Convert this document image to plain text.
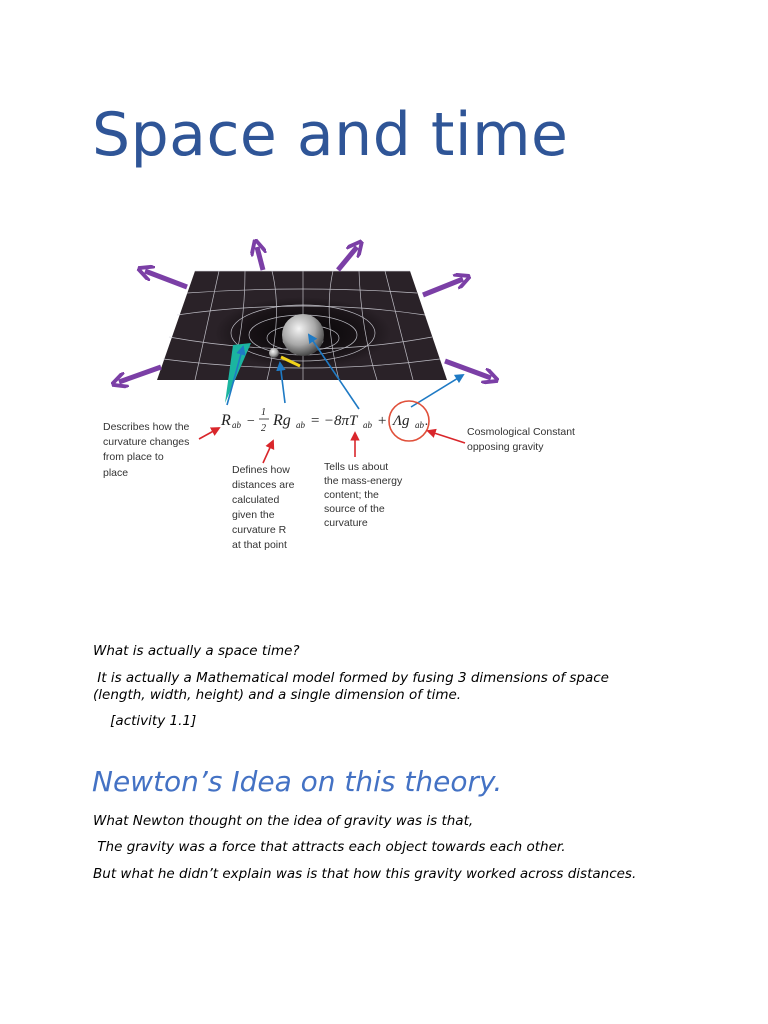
Space and time
R ab −
1
2 Rg ab = −8πT ab + Λg ab .
Describes how the
curvature changes
from place to
place	Defines how
distances are
calculated
given the
curvature R
at that point
Tells us about
the mass-energy
content; the
source of the
curvature
Cosmological Constant
opposing gravity

What is actually a space time?

It is actually a Mathematical model formed by fusing 3 dimensions of space

(length, width, height) and a single dimension of time.

[activity 1.1]

Newton’s Idea on this theory.

What Newton thought on the idea of gravity was is that,

The gravity was a force that attracts each object towards each other.

But what he didn’t explain was is that how this gravity worked across distances.
